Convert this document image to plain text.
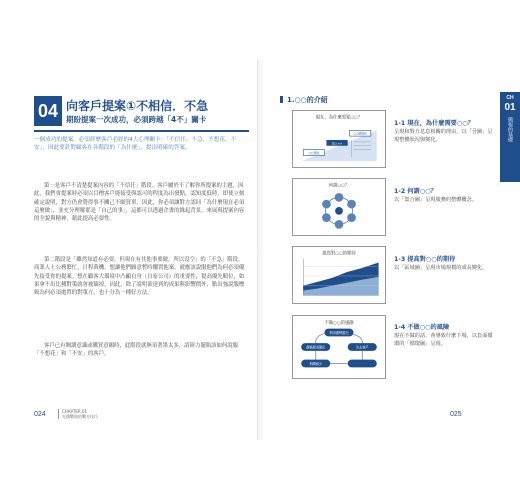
04 向客戶提案①不相信．不急
期盼提案一次成功，必須跨越「4不」關卡

一個成功的提案，必須經歷客戶必經的4大心理關卡：「不信任、不急、不想花、不安」，因此要針對顧客在各階段的「為什麼」，提出明確的答案。

第一是客戶不清楚提案內容的「不信任」階段。客戶屬於不了解你所提案的主題，因此，我們會提案時必須以目標客戶能接受與認可的程度為出發點，認知度低時，即使立刻確定說明，對方仍會覺得事不關己不願買單，因此，你必須讓對方認同「為什麼現在必須這麼做」，並充分理解那是「自己的事」，這都可以透過企畫的緣起背景，來展現提案內容的全貌與精神，藉此提高必要性。

第二階段是「雖然知道有必要，但現在有其他事要做，所以沒空」的「不急」階段。商業人士公務繁忙，日程萬機，想讓他們願意暫時擱置他案，就應該說服他們為何必須優先接受你的提案。想在顧客大環境中凸顯自身（自家公司）的重要性，提高優先順位，如果拿不出比種對策就會被篩掉，因此，除了說明欲達到的成果與影響價外，點出強說服標級為何必須處置的對策方，也十分為一種好方法。

客戶已有閱讀意識或購買意願時，此階段就無須著墨太多，請辯力擺瓶該如何說服「不想花」和「不安」的客戶。

024	CHAPTER 01
先懂戰場的戰方技巧
1.○○的介紹
現在，為什麼需要○○？
○○環境
加上××
○○環境化
1-1 現在，為什麼需要○○？
呈現和對方息息相關的理由，以「금圖」呈現整體狀況與變化。
何謂○○？
1-2 何謂○○？
以「集合圖」呈現服務的整體概念。
提高對○○的期待
1-3 提高對○○的期待
以「區域圖」呈現市場規模的成長變化。
不做○○的風險
利用優勢勝出
價格競爭激化	失去客戶
利潤減少
1-4 不做○○的風險
現在不做的話，會導致什麼下場，以負面循環的「循環圖」呈現。
025
CH
01
簡報的基礎
